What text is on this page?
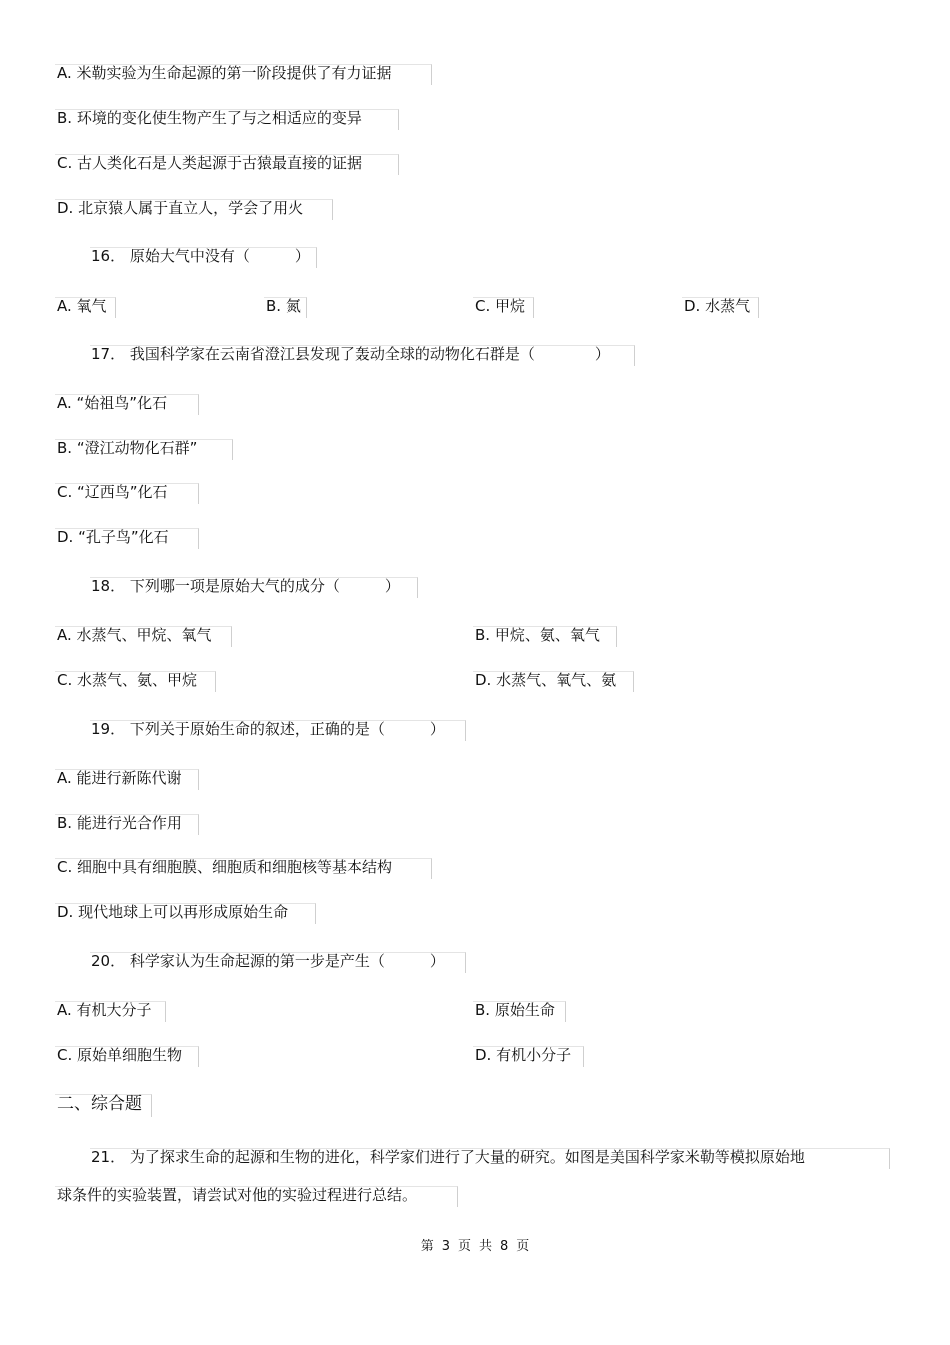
A. 米勒实验为生命起源的第一阶段提供了有力证据
B. 环境的变化使生物产生了与之相适应的变异
C. 古人类化石是人类起源于古猿最直接的证据
D. 北京猿人属于直立人，学会了用火
16． 原始大气中没有（　　　）
A. 氧气	B. 氮	C. 甲烷	D. 水蒸气
17． 我国科学家在云南省澄江县发现了轰动全球的动物化石群是（　　　　）
A. “始祖鸟”化石
B. “澄江动物化石群”
C. “辽西鸟”化石
D. “孔子鸟”化石
18． 下列哪一项是原始大气的成分（　　　）
A. 水蒸气、甲烷、氧气	B. 甲烷、氨、氧气
C. 水蒸气、氨、甲烷	D. 水蒸气、氧气、氨
19． 下列关于原始生命的叙述，正确的是（　　　）
A. 能进行新陈代谢
B. 能进行光合作用
C. 细胞中具有细胞膜、细胞质和细胞核等基本结构
D. 现代地球上可以再形成原始生命
20． 科学家认为生命起源的第一步是产生（　　　）
A. 有机大分子	B. 原始生命
C. 原始单细胞生物	D. 有机小分子
二、综合题
21． 为了探求生命的起源和生物的进化，科学家们进行了大量的研究。如图是美国科学家米勒等模拟原始地
球条件的实验装置，请尝试对他的实验过程进行总结。
第 3 页 共 8 页
